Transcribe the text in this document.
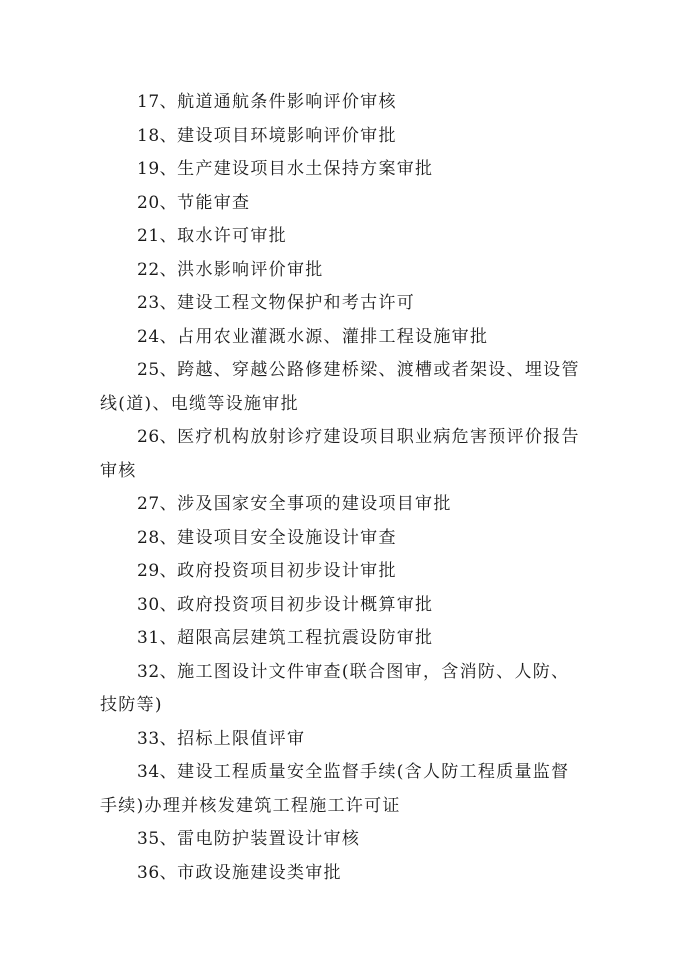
17、航道通航条件影响评价审核
18、建设项目环境影响评价审批
19、生产建设项目水土保持方案审批
20、节能审查
21、取水许可审批
22、洪水影响评价审批
23、建设工程文物保护和考古许可
24、占用农业灌溉水源、灌排工程设施审批
25、跨越、穿越公路修建桥梁、渡槽或者架设、埋设管线(道)、电缆等设施审批
26、医疗机构放射诊疗建设项目职业病危害预评价报告审核
27、涉及国家安全事项的建设项目审批
28、建设项目安全设施设计审查
29、政府投资项目初步设计审批
30、政府投资项目初步设计概算审批
31、超限高层建筑工程抗震设防审批
32、施工图设计文件审查(联合图审，含消防、人防、技防等)
33、招标上限值评审
34、建设工程质量安全监督手续(含人防工程质量监督手续)办理并核发建筑工程施工许可证
35、雷电防护装置设计审核
36、市政设施建设类审批
